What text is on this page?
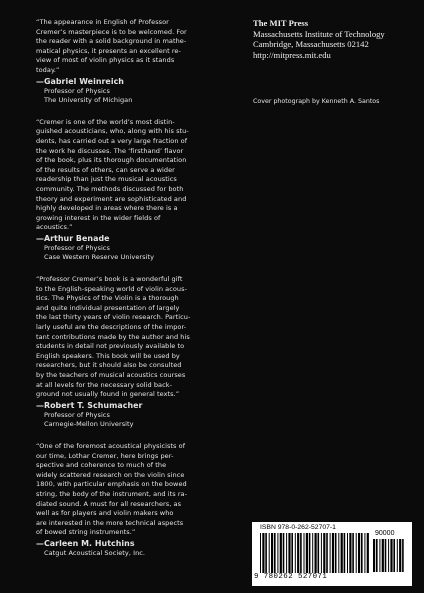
“The appearance in English of Professor
Cremer’s masterpiece is to be welcomed. For
the reader with a solid background in mathe-
matical physics, it presents an excellent re-
view of most of violin physics as it stands
today.”

—Gabriel Weinreich
Professor of Physics
The University of Michigan

“Cremer is one of the world’s most distin-
guished acousticians, who, along with his stu-
dents, has carried out a very large fraction of
the work he discusses. The ‘firsthand’ flavor
of the book, plus its thorough documentation
of the results of others, can serve a wider
readership than just the musical acoustics
community. The methods discussed for both
theory and experiment are sophisticated and
highly developed in areas where there is a
growing interest in the wider fields of
acoustics.”

—Arthur Benade
Professor of Physics
Case Western Reserve University

“Professor Cremer’s book is a wonderful gift
to the English-speaking world of violin acous-
tics. The Physics of the Violin is a thorough
and quite individual presentation of largely
the last thirty years of violin research. Particu-
larly useful are the descriptions of the impor-
tant contributions made by the author and his
students in detail not previously available to
English speakers. This book will be used by
researchers, but it should also be consulted
by the teachers of musical acoustics courses
at all levels for the necessary solid back-
ground not usually found in general texts.”

—Robert T. Schumacher
Professor of Physics
Carnegie-Mellon University

“One of the foremost acoustical physicists of
our time, Lothar Cremer, here brings per-
spective and coherence to much of the
widely scattered research on the violin since
1800, with particular emphasis on the bowed
string, the body of the instrument, and its ra-
diated sound. A must for all researchers, as
well as for players and violin makers who
are interested in the more technical aspects
of bowed string instruments.”

—Carleen M. Hutchins
Catgut Acoustical Society, Inc.
The MIT Press
Massachusetts Institute of Technology
Cambridge, Massachusetts 02142
http://mitpress.mit.edu
Cover photograph by Kenneth A. Santos
ISBN 978-0-262-52707-1
90000
9 780262 527071
